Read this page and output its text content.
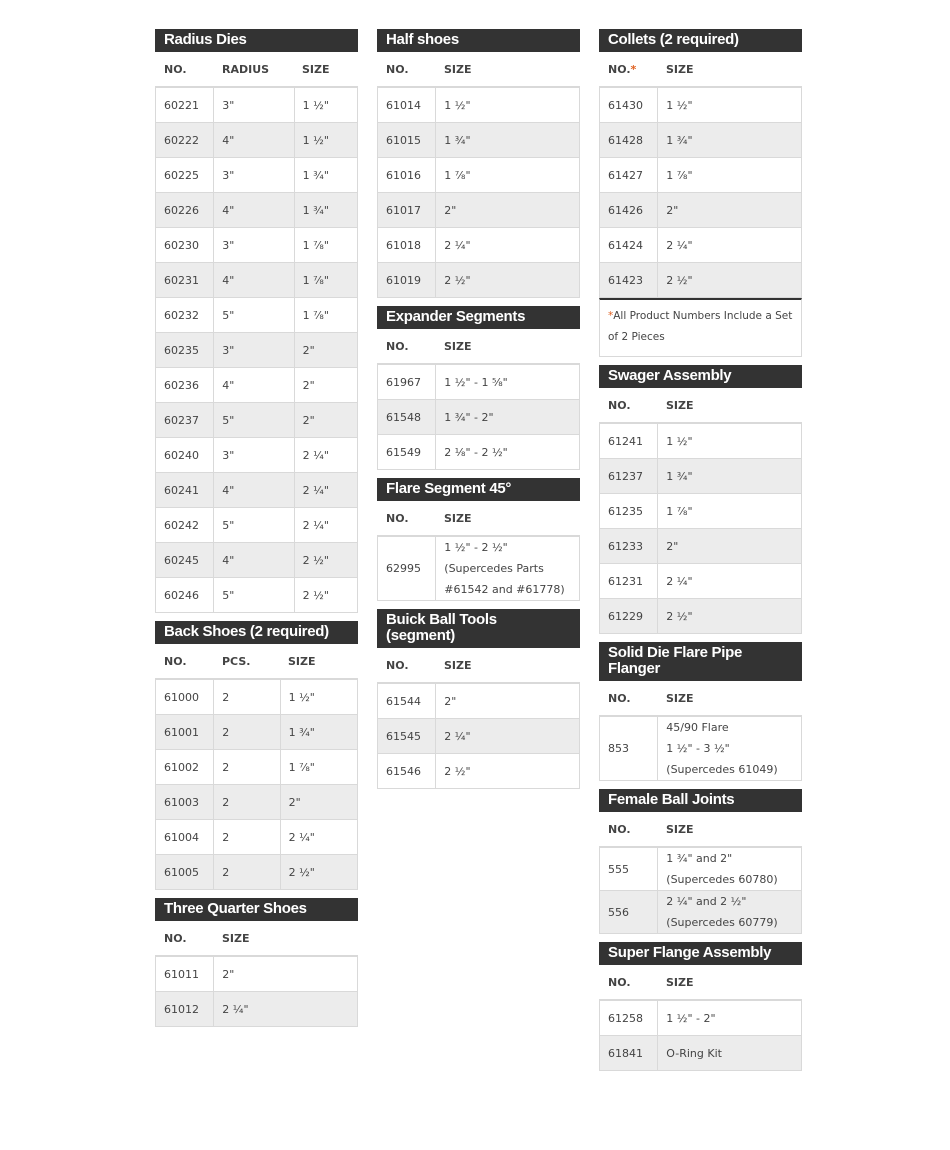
Radius Dies
NO.	RADIUS	SIZE
60221	3"	1 ½"
60222	4"	1 ½"
60225	3"	1 ¾"
60226	4"	1 ¾"
60230	3"	1 ⅞"
60231	4"	1 ⅞"
60232	5"	1 ⅞"
60235	3"	2"
60236	4"	2"
60237	5"	2"
60240	3"	2 ¼"
60241	4"	2 ¼"
60242	5"	2 ¼"
60245	4"	2 ½"
60246	5"	2 ½"
Back Shoes (2 required)
NO.	PCS.	SIZE
61000	2	1 ½"
61001	2	1 ¾"
61002	2	1 ⅞"
61003	2	2"
61004	2	2 ¼"
61005	2	2 ½"
Three Quarter Shoes
NO.	SIZE
61011	2"
61012	2 ¼"
Half shoes
NO.	SIZE
61014	1 ½"
61015	1 ¾"
61016	1 ⅞"
61017	2"
61018	2 ¼"
61019	2 ½"
Expander Segments
NO.	SIZE
61967	1 ½" - 1 ⅝"
61548	1 ¾" - 2"
61549	2 ⅛" - 2 ½"
Flare Segment 45°
NO.	SIZE
62995	1 ½" - 2 ½"
(Supercedes Parts
#61542 and #61778)
Buick Ball Tools
(segment)
NO.	SIZE
61544	2"
61545	2 ¼"
61546	2 ½"
Collets (2 required)
NO.*	SIZE
61430	1 ½"
61428	1 ¾"
61427	1 ⅞"
61426	2"
61424	2 ¼"
61423	2 ½"
*All Product Numbers Include a Set of 2 Pieces
Swager Assembly
NO.	SIZE
61241	1 ½"
61237	1 ¾"
61235	1 ⅞"
61233	2"
61231	2 ¼"
61229	2 ½"
Solid Die Flare Pipe
Flanger
NO.	SIZE
853	45/90 Flare
1 ½" - 3 ½"
(Supercedes 61049)
Female Ball Joints
NO.	SIZE
555	1 ¾" and 2"
(Supercedes 60780)
556	2 ¼" and 2 ½"
(Supercedes 60779)
Super Flange Assembly
NO.	SIZE
61258	1 ½" - 2"
61841	O-Ring Kit
